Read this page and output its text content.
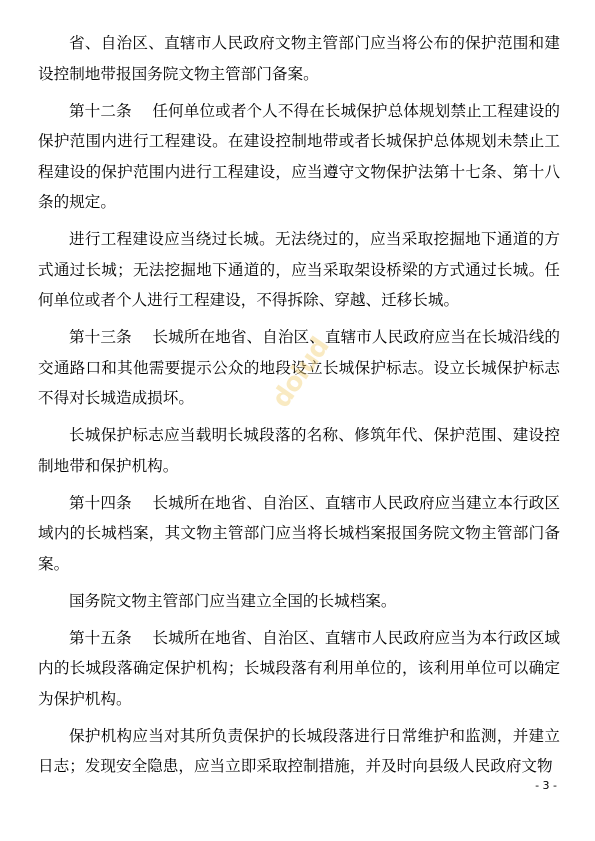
省、自治区、直辖市人民政府文物主管部门应当将公布的保护范围和建设控制地带报国务院文物主管部门备案。

第十二条　 任何单位或者个人不得在长城保护总体规划禁止工程建设的保护范围内进行工程建设。在建设控制地带或者长城保护总体规划未禁止工程建设的保护范围内进行工程建设，应当遵守文物保护法第十七条、第十八条的规定。

进行工程建设应当绕过长城。无法绕过的，应当采取挖掘地下通道的方式通过长城；无法挖掘地下通道的，应当采取架设桥梁的方式通过长城。任何单位或者个人进行工程建设，不得拆除、穿越、迁移长城。

第十三条　 长城所在地省、自治区、直辖市人民政府应当在长城沿线的交通路口和其他需要提示公众的地段设立长城保护标志。设立长城保护标志不得对长城造成损坏。

长城保护标志应当载明长城段落的名称、修筑年代、保护范围、建设控制地带和保护机构。

第十四条　 长城所在地省、自治区、直辖市人民政府应当建立本行政区域内的长城档案，其文物主管部门应当将长城档案报国务院文物主管部门备案。

国务院文物主管部门应当建立全国的长城档案。

第十五条　 长城所在地省、自治区、直辖市人民政府应当为本行政区域内的长城段落确定保护机构；长城段落有利用单位的，该利用单位可以确定为保护机构。

保护机构应当对其所负责保护的长城段落进行日常维护和监测，并建立日志；发现安全隐患，应当立即采取控制措施，并及时向县级人民政府文物

doiud
- 3 -
